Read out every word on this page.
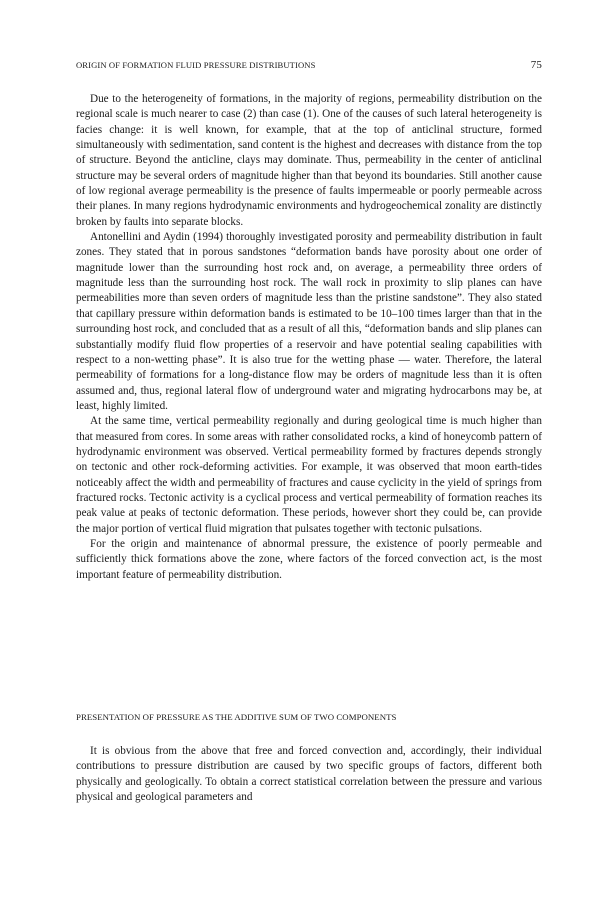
ORIGIN OF FORMATION FLUID PRESSURE DISTRIBUTIONS	75

Due to the heterogeneity of formations, in the majority of regions, permeability distribution on the regional scale is much nearer to case (2) than case (1). One of the causes of such lateral heterogeneity is facies change: it is well known, for example, that at the top of anticlinal structure, formed simultaneously with sedimentation, sand content is the highest and decreases with distance from the top of structure. Beyond the anticline, clays may dominate. Thus, permeability in the center of anticlinal structure may be several orders of magnitude higher than that beyond its boundaries. Still another cause of low regional average permeability is the presence of faults impermeable or poorly permeable across their planes. In many regions hydrodynamic environments and hydrogeochemical zonality are distinctly broken by faults into separate blocks.

Antonellini and Aydin (1994) thoroughly investigated porosity and permeability distribution in fault zones. They stated that in porous sandstones “deformation bands have porosity about one order of magnitude lower than the surrounding host rock and, on average, a permeability three orders of magnitude less than the surrounding host rock. The wall rock in proximity to slip planes can have permeabilities more than seven orders of magnitude less than the pristine sandstone”. They also stated that capillary pressure within deformation bands is estimated to be 10–100 times larger than that in the surrounding host rock, and concluded that as a result of all this, “deformation bands and slip planes can substantially modify fluid flow properties of a reservoir and have potential sealing capabilities with respect to a non-wetting phase”. It is also true for the wetting phase — water. Therefore, the lateral permeability of formations for a long-distance flow may be orders of magnitude less than it is often assumed and, thus, regional lateral flow of underground water and migrating hydrocarbons may be, at least, highly limited.

At the same time, vertical permeability regionally and during geological time is much higher than that measured from cores. In some areas with rather consolidated rocks, a kind of honeycomb pattern of hydrodynamic environment was observed. Vertical permeability formed by fractures depends strongly on tectonic and other rock-deforming activities. For example, it was observed that moon earth-tides noticeably affect the width and permeability of fractures and cause cyclicity in the yield of springs from fractured rocks. Tectonic activity is a cyclical process and vertical permeability of formation reaches its peak value at peaks of tectonic deformation. These periods, however short they could be, can provide the major portion of vertical fluid migration that pulsates together with tectonic pulsations.

For the origin and maintenance of abnormal pressure, the existence of poorly permeable and sufficiently thick formations above the zone, where factors of the forced convection act, is the most important feature of permeability distribution.

PRESENTATION OF PRESSURE AS THE ADDITIVE SUM OF TWO COMPONENTS

It is obvious from the above that free and forced convection and, accordingly, their individual contributions to pressure distribution are caused by two specific groups of factors, different both physically and geologically. To obtain a correct statistical correlation between the pressure and various physical and geological parameters and
